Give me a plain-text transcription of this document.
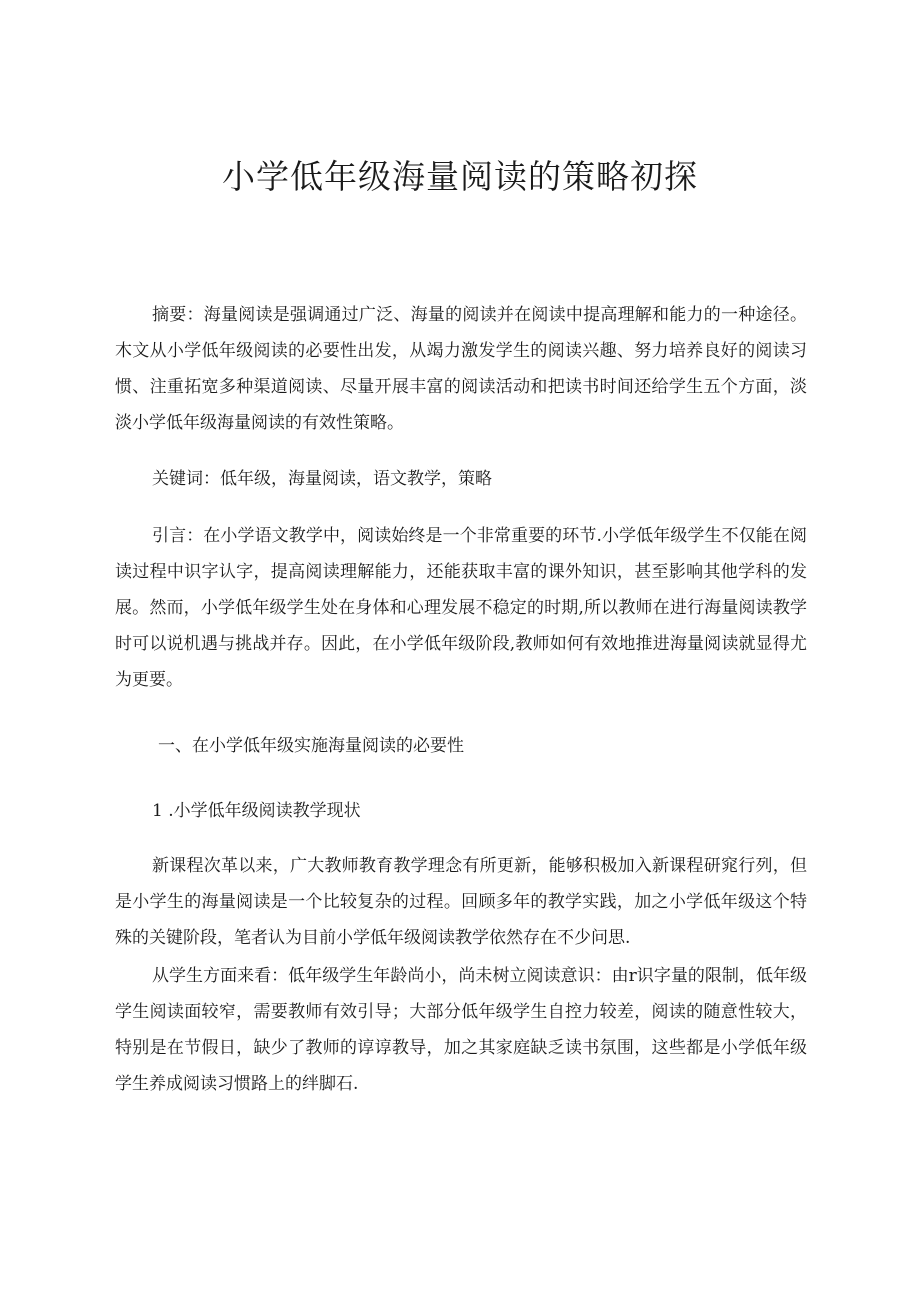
小学低年级海量阅读的策略初探

摘要：海量阅读是强调通过广泛、海量的阅读并在阅读中提高理解和能力的一种途径。木文从小学低年级阅读的必要性出发，从竭力激发学生的阅读兴趣、努力培养良好的阅读习惯、注重拓宽多种渠道阅读、尽量开展丰富的阅读活动和把读书时间还给学生五个方面，淡淡小学低年级海量阅读的有效性策略。

关键词：低年级，海量阅读，语文教学，策略

引言：在小学语文教学中，阅读始终是一个非常重要的环节.小学低年级学生不仅能在阅读过程中识字认字，提高阅读理解能力，还能获取丰富的课外知识，甚至影响其他学科的发展。然而，小学低年级学生处在身体和心理发展不稳定的时期,所以教师在进行海量阅读教学时可以说机遇与挑战并存。因此，在小学低年级阶段,教师如何有效地推进海量阅读就显得尤为更要。

一、在小学低年级实施海量阅读的必要性

1 .小学低年级阅读教学现状

新课程次革以来，广大教师教育教学理念有所更新，能够积极加入新课程研窕行列，但是小学生的海量阅读是一个比较复杂的过程。回顾多年的教学实践，加之小学低年级这个特殊的关键阶段，笔者认为目前小学低年级阅读教学依然存在不少问思.

从学生方面来看：低年级学生年龄尚小，尚未树立阅读意识：由r识字量的限制，低年级学生阅读面较窄，需要教师有效引导；大部分低年级学生自控力较差，阅读的随意性较大，特别是在节假日，缺少了教师的谆谆教导，加之其家庭缺乏读书氛围，这些都是小学低年级学生养成阅读习惯路上的绊脚石.
